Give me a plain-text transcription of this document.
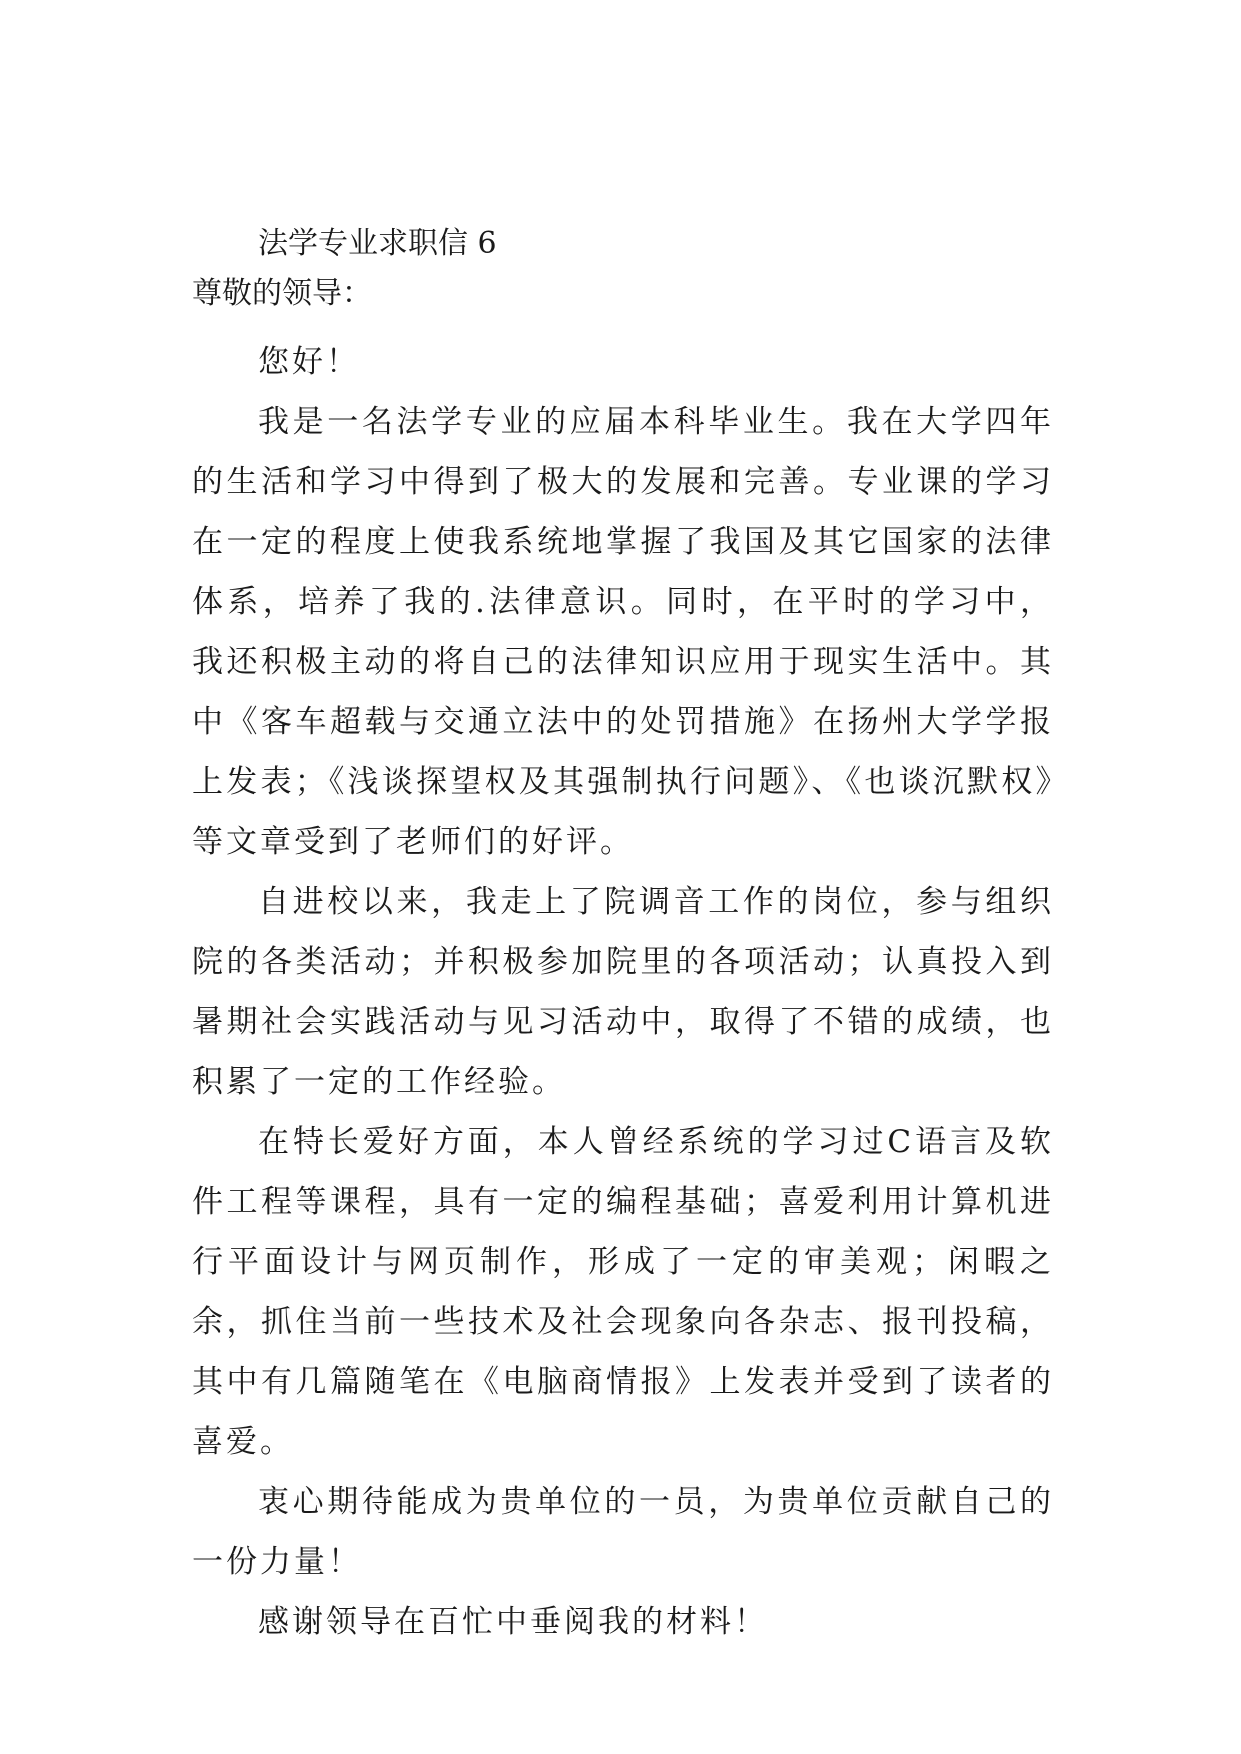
法学专业求职信 6
尊敬的领导：

您好！

我是一名法学专业的应届本科毕业生。我在大学四年的生活和学习中得到了极大的发展和完善。专业课的学习在一定的程度上使我系统地掌握了我国及其它国家的法律体系，培养了我的.法律意识。同时，在平时的学习中，我还积极主动的将自己的法律知识应用于现实生活中。其中《客车超载与交通立法中的处罚措施》在扬州大学学报上发表；《浅谈探望权及其强制执行问题》、《也谈沉默权》等文章受到了老师们的好评。

自进校以来，我走上了院调音工作的岗位，参与组织院的各类活动；并积极参加院里的各项活动；认真投入到暑期社会实践活动与见习活动中，取得了不错的成绩，也积累了一定的工作经验。

在特长爱好方面，本人曾经系统的学习过C语言及软件工程等课程，具有一定的编程基础；喜爱利用计算机进行平面设计与网页制作，形成了一定的审美观；闲暇之余，抓住当前一些技术及社会现象向各杂志、报刊投稿，其中有几篇随笔在《电脑商情报》上发表并受到了读者的喜爱。

衷心期待能成为贵单位的一员，为贵单位贡献自己的一份力量！

感谢领导在百忙中垂阅我的材料！
